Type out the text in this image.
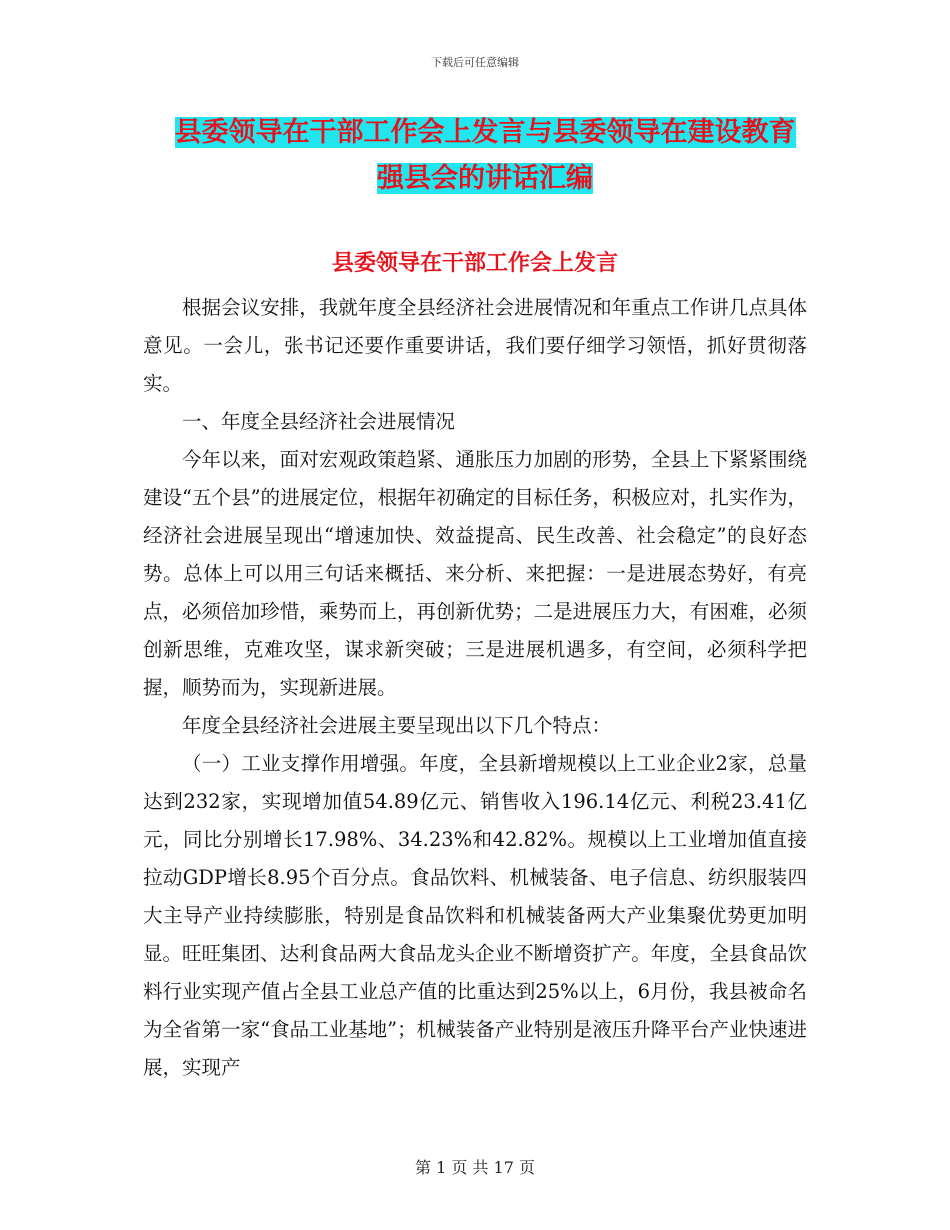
下载后可任意编辑
县委领导在干部工作会上发言与县委领导在建设教育
强县会的讲话汇编
县委领导在干部工作会上发言

根据会议安排，我就年度全县经济社会进展情况和年重点工作讲几点具体意见。一会儿，张书记还要作重要讲话，我们要仔细学习领悟，抓好贯彻落实。

一、年度全县经济社会进展情况

今年以来，面对宏观政策趋紧、通胀压力加剧的形势，全县上下紧紧围绕建设“五个县”的进展定位，根据年初确定的目标任务，积极应对，扎实作为，经济社会进展呈现出“增速加快、效益提高、民生改善、社会稳定”的良好态势。总体上可以用三句话来概括、来分析、来把握：一是进展态势好，有亮点，必须倍加珍惜，乘势而上，再创新优势；二是进展压力大，有困难，必须创新思维，克难攻坚，谋求新突破；三是进展机遇多，有空间，必须科学把握，顺势而为，实现新进展。

年度全县经济社会进展主要呈现出以下几个特点：

（一）工业支撑作用增强。年度，全县新增规模以上工业企业2家，总量达到232家，实现增加值54.89亿元、销售收入196.14亿元、利税23.41亿元，同比分别增长17.98%、34.23%和42.82%。规模以上工业增加值直接拉动GDP增长8.95个百分点。食品饮料、机械装备、电子信息、纺织服装四大主导产业持续膨胀，特别是食品饮料和机械装备两大产业集聚优势更加明显。旺旺集团、达利食品两大食品龙头企业不断增资扩产。年度，全县食品饮料行业实现产值占全县工业总产值的比重达到25%以上，6月份，我县被命名为全省第一家“食品工业基地”；机械装备产业特别是液压升降平台产业快速进展，实现产

第 1 页 共 17 页
